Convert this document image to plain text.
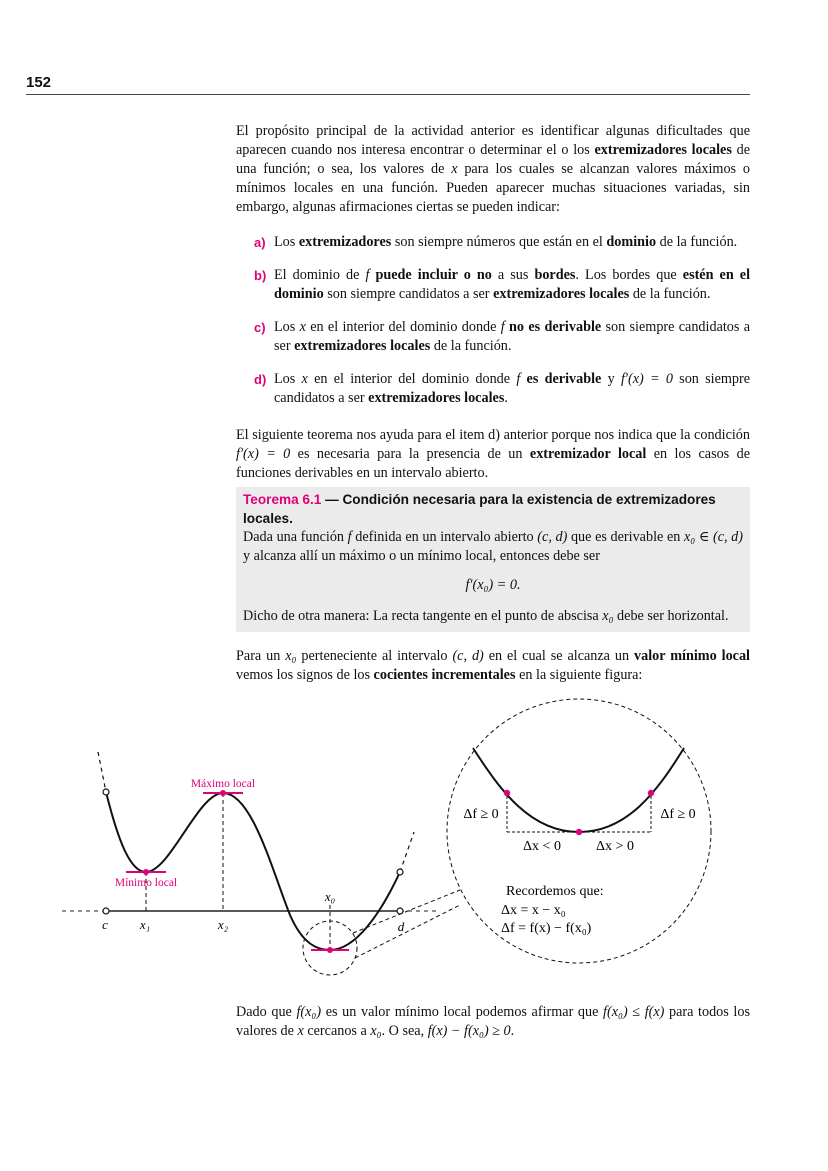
152

El propósito principal de la actividad anterior es identificar algunas dificultades que aparecen cuando nos interesa encontrar o determinar el o los extremizadores locales de una función; o sea, los valores de x para los cuales se alcanzan valores máximos o mínimos locales en una función. Pueden aparecer muchas situaciones variadas, sin embargo, algunas afirmaciones ciertas se pueden indicar:

a) Los extremizadores son siempre números que están en el dominio de la función.
b) El dominio de f puede incluir o no a sus bordes. Los bordes que estén en el dominio son siempre candidatos a ser extremizadores locales de la función.
c) Los x en el interior del dominio donde f no es derivable son siempre candidatos a ser extremizadores locales de la función.
d) Los x en el interior del dominio donde f es derivable y f′(x) = 0 son siempre candidatos a ser extremizadores locales.

El siguiente teorema nos ayuda para el item d) anterior porque nos indica que la condición f′(x) = 0 es necesaria para la presencia de un extremizador local en los casos de funciones derivables en un intervalo abierto.

Teorema 6.1 — Condición necesaria para la existencia de extremizadores locales.

Dada una función f definida en un intervalo abierto (c, d) que es derivable en x₀ ∈ (c, d) y alcanza allí un máximo o un mínimo local, entonces debe ser

f′(x₀) = 0.

Dicho de otra manera: La recta tangente en el punto de abscisa x₀ debe ser horizontal.

Para un x₀ perteneciente al intervalo (c, d) en el cual se alcanza un valor mínimo local vemos los signos de los cocientes incrementales en la siguiente figura:

Máximo local
Mínimo local
c x₁	x₂
x₀
d
Δf ≥ 0	Δf ≥ 0
Δx < 0	Δx > 0
Recordemos que:
Δx = x − x₀
Δf = f(x) − f(x₀)

Dado que f(x₀) es un valor mínimo local podemos afirmar que f(x₀) ≤ f(x) para todos los valores de x cercanos a x₀. O sea, f(x) − f(x₀) ≥ 0.
